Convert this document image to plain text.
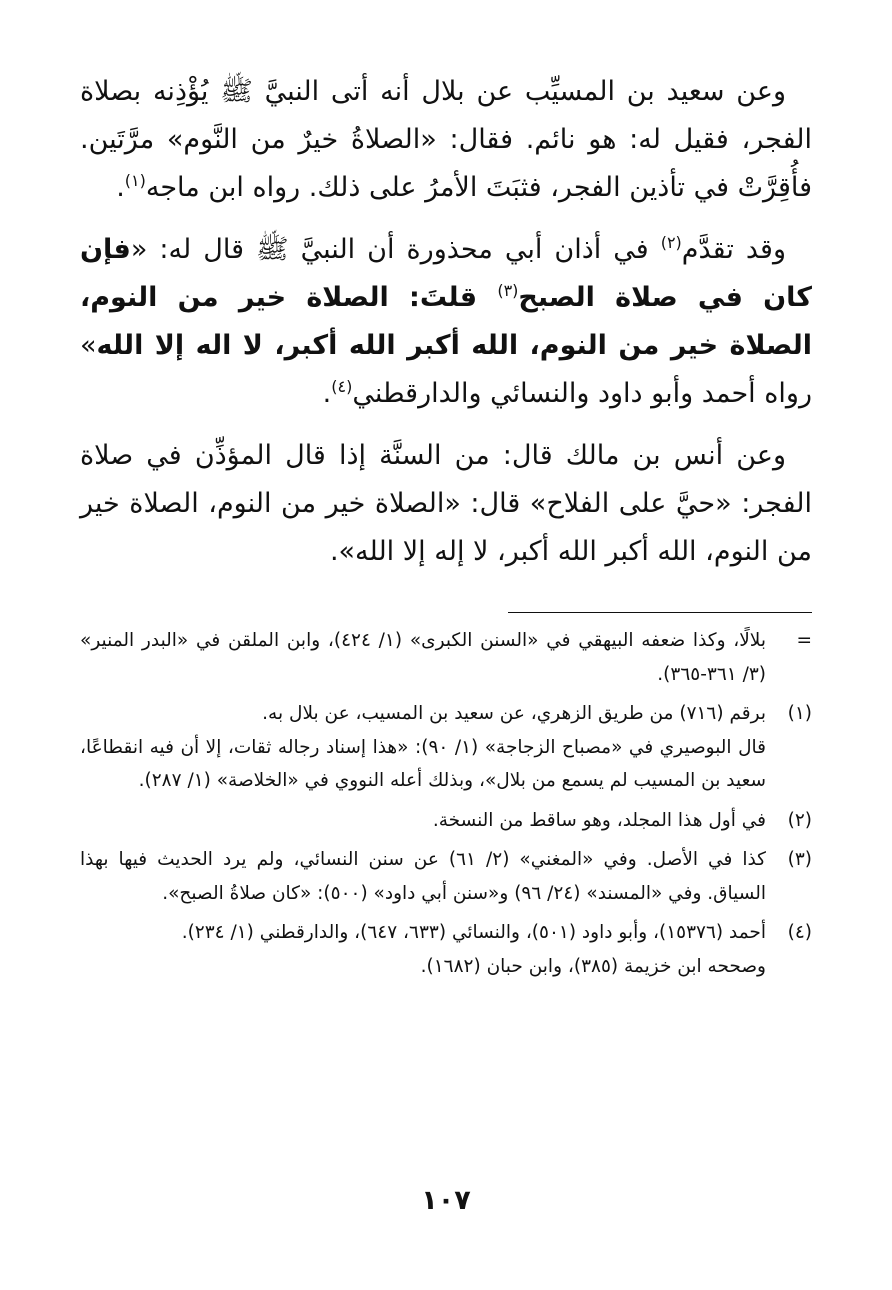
وعن سعيد بن المسيِّب عن بلال أنه أتى النبيَّ ﷺ يُؤْذِنه بصلاة الفجر، فقيل له: هو نائم. فقال: «الصلاةُ خيرٌ من النَّوم» مرَّتَين. فأُقِرَّتْ في تأذين الفجر، فثبَتَ الأمرُ على ذلك. رواه ابن ماجه$^{(١)}$.

وقد تقدَّم$^{(٢)}$ في أذان أبي محذورة أن النبيَّ ﷺ قال له: «فإن كان في صلاة الصبح$^{(٣)}$ قلتَ: الصلاة خير من النوم، الصلاة خير من النوم، الله أكبر الله أكبر، لا اله إلا الله» رواه أحمد وأبو داود والنسائي والدارقطني$^{(٤)}$.

وعن أنس بن مالك قال: من السنَّة إذا قال المؤذِّن في صلاة الفجر: «حيَّ على الفلاح» قال: «الصلاة خير من النوم، الصلاة خير من النوم، الله أكبر الله أكبر، لا إله إلا الله».

=
بلالًا، وكذا ضعفه البيهقي في «السنن الكبرى» (١/ ٤٢٤)، وابن الملقن في «البدر المنير» (٣/ ٣٦١-٣٦٥).
(١)
برقم (٧١٦) من طريق الزهري، عن سعيد بن المسيب، عن بلال به.
قال البوصيري في «مصباح الزجاجة» (١/ ٩٠): «هذا إسناد رجاله ثقات، إلا أن فيه انقطاعًا، سعيد بن المسيب لم يسمع من بلال»، وبذلك أعله النووي في «الخلاصة» (١/ ٢٨٧).
(٢)
في أول هذا المجلد، وهو ساقط من النسخة.
(٣)
كذا في الأصل. وفي «المغني» (٢/ ٦١) عن سنن النسائي، ولم يرد الحديث فيها بهذا السياق. وفي «المسند» (٢٤/ ٩٦) و«سنن أبي داود» (٥٠٠): «كان صلاةُ الصبح».
(٤)
أحمد (١٥٣٧٦)، وأبو داود (٥٠١)، والنسائي (٦٣٣، ٦٤٧)، والدارقطني (١/ ٢٣٤).
وصححه ابن خزيمة (٣٨٥)، وابن حبان (١٦٨٢).
١٠٧
